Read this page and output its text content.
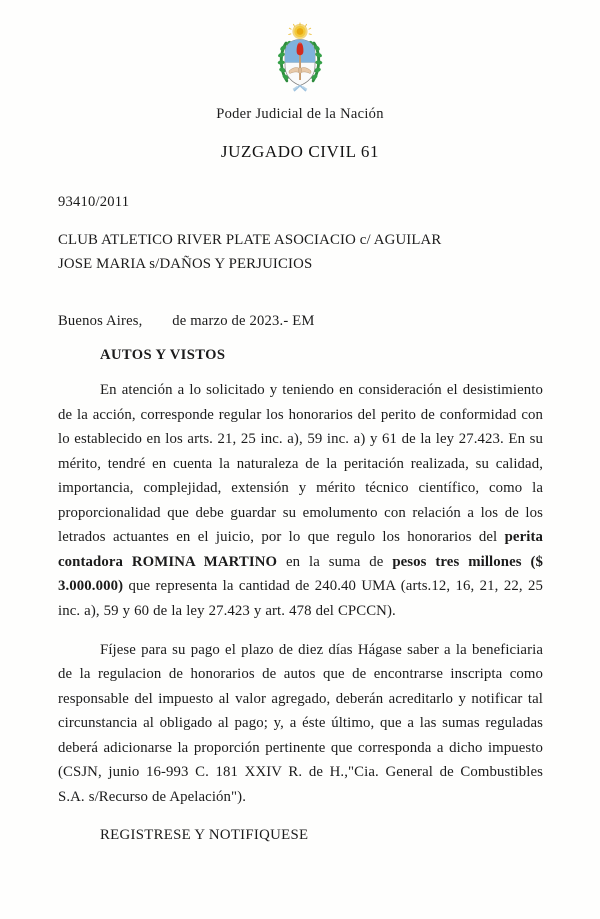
Poder Judicial de la Nación
JUZGADO CIVIL 61
93410/2011
CLUB ATLETICO RIVER PLATE ASOCIACIO c/ AGUILAR
JOSE MARIA s/DAÑOS Y PERJUICIOS
Buenos Aires, de marzo de 2023.- EM
AUTOS Y VISTOS

En atención a lo solicitado y teniendo en consideración el desistimiento de la acción, corresponde regular los honorarios del perito de conformidad con lo establecido en los arts. 21, 25 inc. a), 59 inc. a) y 61 de la ley 27.423. En su mérito, tendré en cuenta la naturaleza de la peritación realizada, su calidad, importancia, complejidad, extensión y mérito técnico científico, como la proporcionalidad que debe guardar su emolumento con relación a los de los letrados actuantes en el juicio, por lo que regulo los honorarios del perita contadora ROMINA MARTINO en la suma de pesos tres millones ($ 3.000.000) que representa la cantidad de 240.40 UMA (arts.12, 16, 21, 22, 25 inc. a), 59 y 60 de la ley 27.423 y art. 478 del CPCCN).

Fíjese para su pago el plazo de diez días Hágase saber a la beneficiaria de la regulacion de honorarios de autos que de encontrarse inscripta como responsable del impuesto al valor agregado, deberán acreditarlo y notificar tal circunstancia al obligado al pago; y, a éste último, que a las sumas reguladas deberá adicionarse la proporción pertinente que corresponda a dicho impuesto (CSJN, junio 16-993 C. 181 XXIV R. de H.,"Cia. General de Combustibles S.A. s/Recurso de Apelación").

REGISTRESE Y NOTIFIQUESE
